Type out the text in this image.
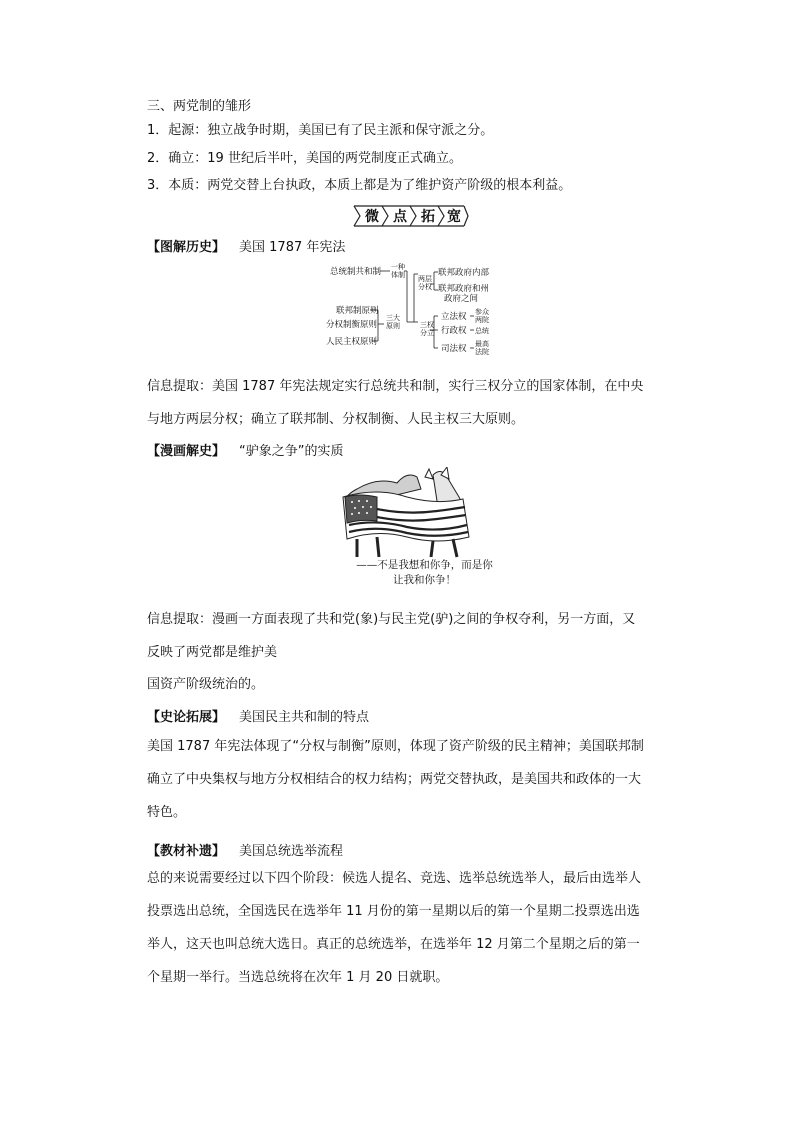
三、两党制的雏形
1．起源：独立战争时期，美国已有了民主派和保守派之分。
2．确立：19 世纪后半叶，美国的两党制度正式确立。
3．本质：两党交替上台执政，本质上都是为了维护资产阶级的根本利益。
微 点 拓 宽
【图解历史】 美国 1787 年宪法
总统制共和制
联邦制原则
分权制衡原则
人民主权原则
联邦政府内部
联邦政府和州
政府之间
立法权
行政权
司法权
一种
体制
三大
原则
两层
分权
三权
分立
参众
两院
总统
最高
法院
信息提取：美国 1787 年宪法规定实行总统共和制，实行三权分立的国家体制，在中央与地方两层分权；确立了联邦制、分权制衡、人民主权三大原则。
【漫画解史】 “驴象之争”的实质
——不是我想和你争，而是你
让我和你争！
信息提取：漫画一方面表现了共和党(象)与民主党(驴)之间的争权夺利，另一方面，又反映了两党都是维护美
国资产阶级统治的。
【史论拓展】 美国民主共和制的特点
美国 1787 年宪法体现了“分权与制衡”原则，体现了资产阶级的民主精神；美国联邦制确立了中央集权与地方分权相结合的权力结构；两党交替执政，是美国共和政体的一大特色。
【教材补遗】 美国总统选举流程
总的来说需要经过以下四个阶段：候选人提名、竞选、选举总统选举人，最后由选举人投票选出总统，全国选民在选举年 11 月份的第一星期以后的第一个星期二投票选出选举人，这天也叫总统大选日。真正的总统选举，在选举年 12 月第二个星期之后的第一个星期一举行。当选总统将在次年 1 月 20 日就职。
